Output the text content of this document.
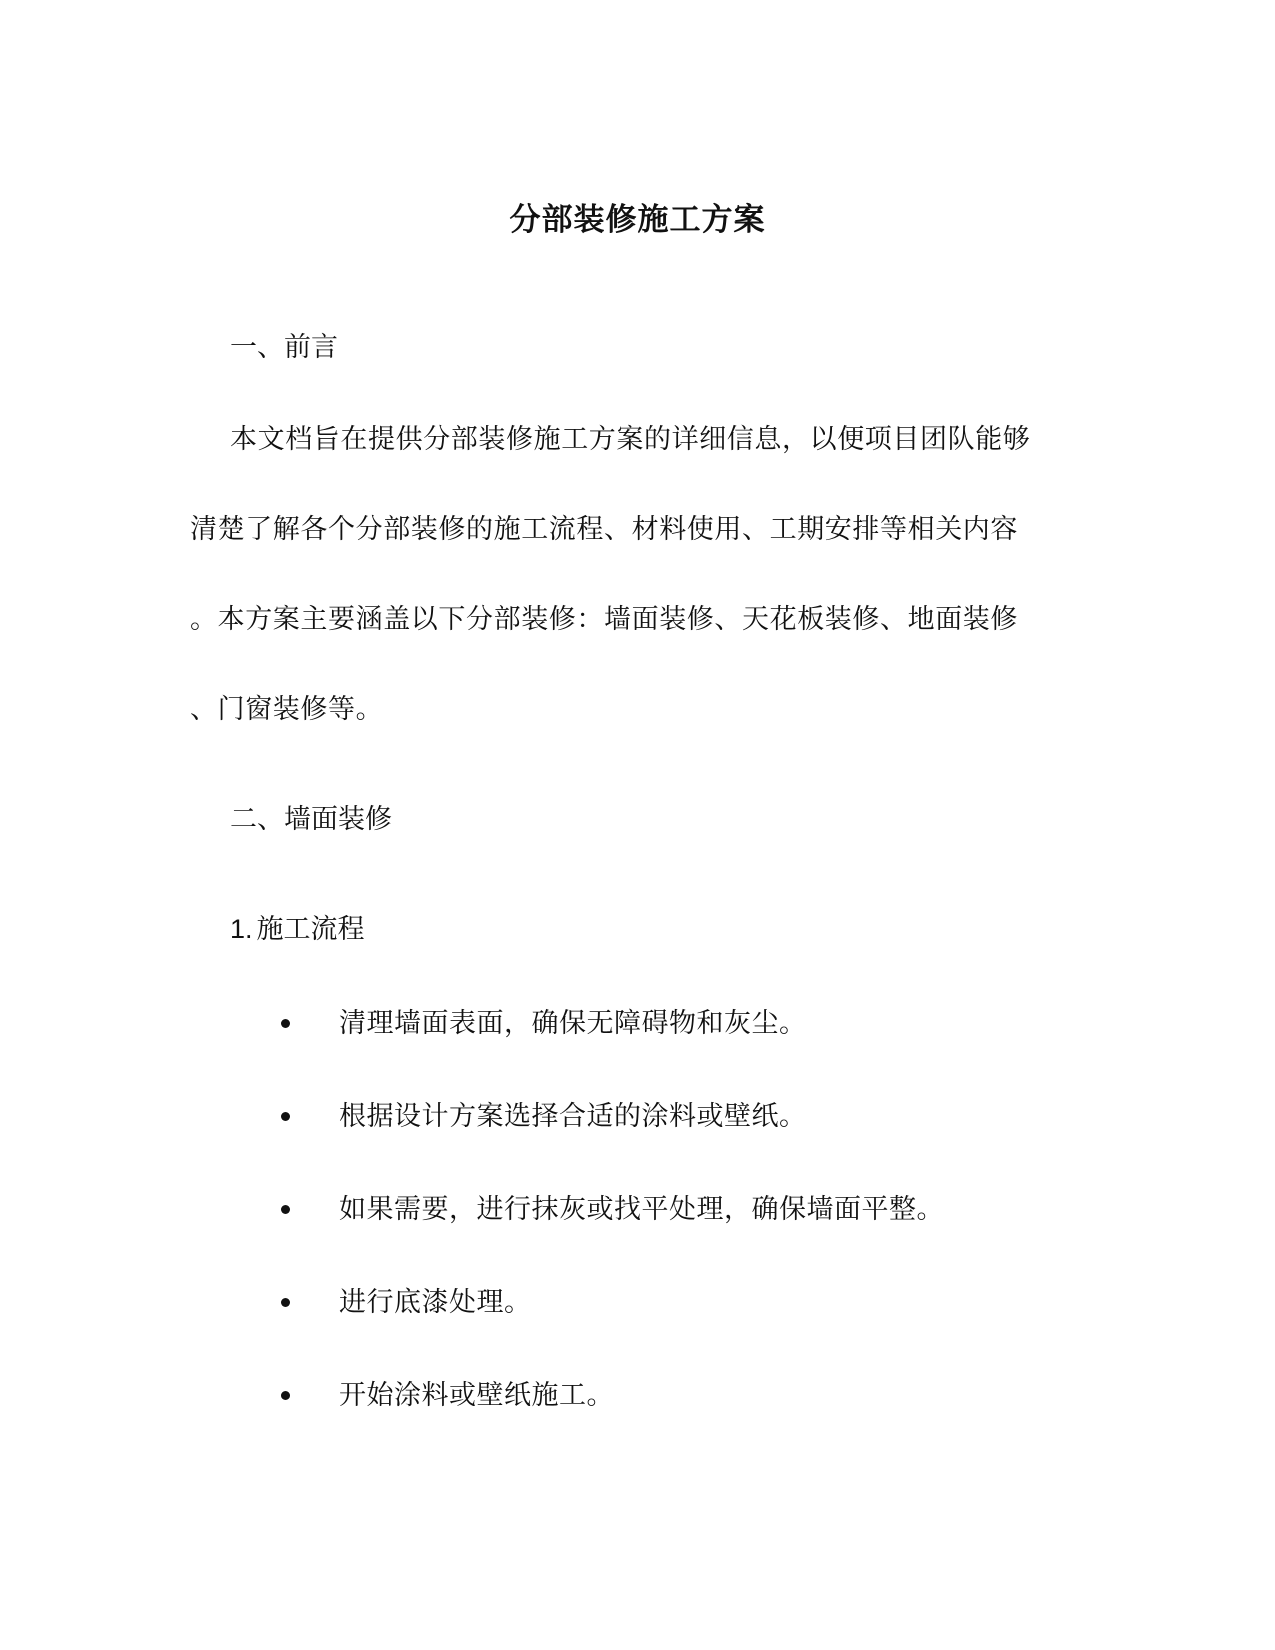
分部装修施工方案
一、前言
本文档旨在提供分部装修施工方案的详细信息，以便项目团队能够
清楚了解各个分部装修的施工流程、材料使用、工期安排等相关内容
。本方案主要涵盖以下分部装修：墙面装修、天花板装修、地面装修
、门窗装修等。
二、墙面装修
1. 施工流程
清理墙面表面，确保无障碍物和灰尘。
根据设计方案选择合适的涂料或壁纸。
如果需要，进行抹灰或找平处理，确保墙面平整。
进行底漆处理。
开始涂料或壁纸施工。
